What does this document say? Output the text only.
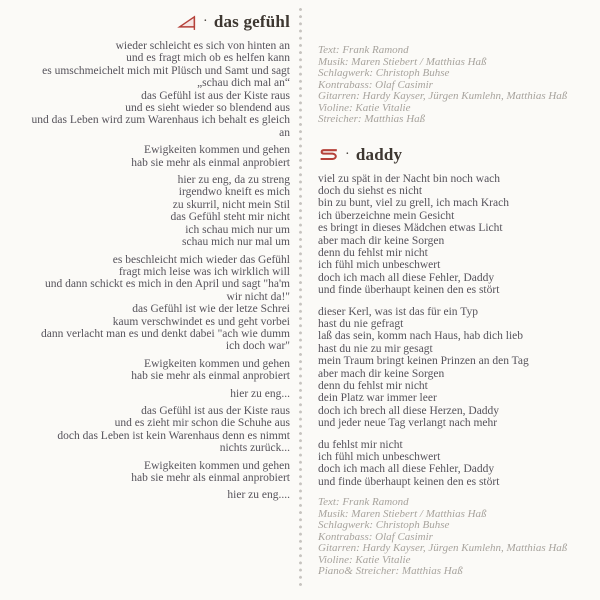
· das gefühl
wieder schleicht es sich von hinten an
und es fragt mich ob es helfen kann
es umschmeichelt mich mit Plüsch und Samt und sagt
„schau dich mal an“
das Gefühl ist aus der Kiste raus
und es sieht wieder so blendend aus
und das Leben wird zum Warenhaus ich behalt es gleich
an
Ewigkeiten kommen und gehen
hab sie mehr als einmal anprobiert
hier zu eng, da zu streng
irgendwo kneift es mich
zu skurril, nicht mein Stil
das Gefühl steht mir nicht
ich schau mich nur um
schau mich nur mal um
es beschleicht mich wieder das Gefühl
fragt mich leise was ich wirklich will
und dann schickt es mich in den April und sagt "ha'm
wir nicht da!"
das Gefühl ist wie der letze Schrei
kaum verschwindet es und geht vorbei
dann verlacht man es und denkt dabei "ach wie dumm
ich doch war"
Ewigkeiten kommen und gehen
hab sie mehr als einmal anprobiert
hier zu eng...
das Gefühl ist aus der Kiste raus
und es zieht mir schon die Schuhe aus
doch das Leben ist kein Warenhaus denn es nimmt
nichts zurück...
Ewigkeiten kommen und gehen
hab sie mehr als einmal anprobiert
hier zu eng....
Text: Frank Ramond
Musik: Maren Stiebert / Matthias Haß
Schlagwerk: Christoph Buhse
Kontrabass: Olaf Casimir
Gitarren: Hardy Kayser, Jürgen Kumlehn, Matthias Haß
Violine: Katie Vitalie
Streicher: Matthias Haß
· daddy
viel zu spät in der Nacht bin noch wach
doch du siehst es nicht
bin zu bunt, viel zu grell, ich mach Krach
ich überzeichne mein Gesicht
es bringt in dieses Mädchen etwas Licht
aber mach dir keine Sorgen
denn du fehlst mir nicht
ich fühl mich unbeschwert
doch ich mach all diese Fehler, Daddy
und finde überhaupt keinen den es stört
dieser Kerl, was ist das für ein Typ
hast du nie gefragt
laß das sein, komm nach Haus, hab dich lieb
hast du nie zu mir gesagt
mein Traum bringt keinen Prinzen an den Tag
aber mach dir keine Sorgen
denn du fehlst mir nicht
dein Platz war immer leer
doch ich brech all diese Herzen, Daddy
und jeder neue Tag verlangt nach mehr
du fehlst mir nicht
ich fühl mich unbeschwert
doch ich mach all diese Fehler, Daddy
und finde überhaupt keinen den es stört
Text: Frank Ramond
Musik: Maren Stiebert / Matthias Haß
Schlagwerk: Christoph Buhse
Kontrabass: Olaf Casimir
Gitarren: Hardy Kayser, Jürgen Kumlehn, Matthias Haß
Violine: Katie Vitalie
Piano& Streicher: Matthias Haß
